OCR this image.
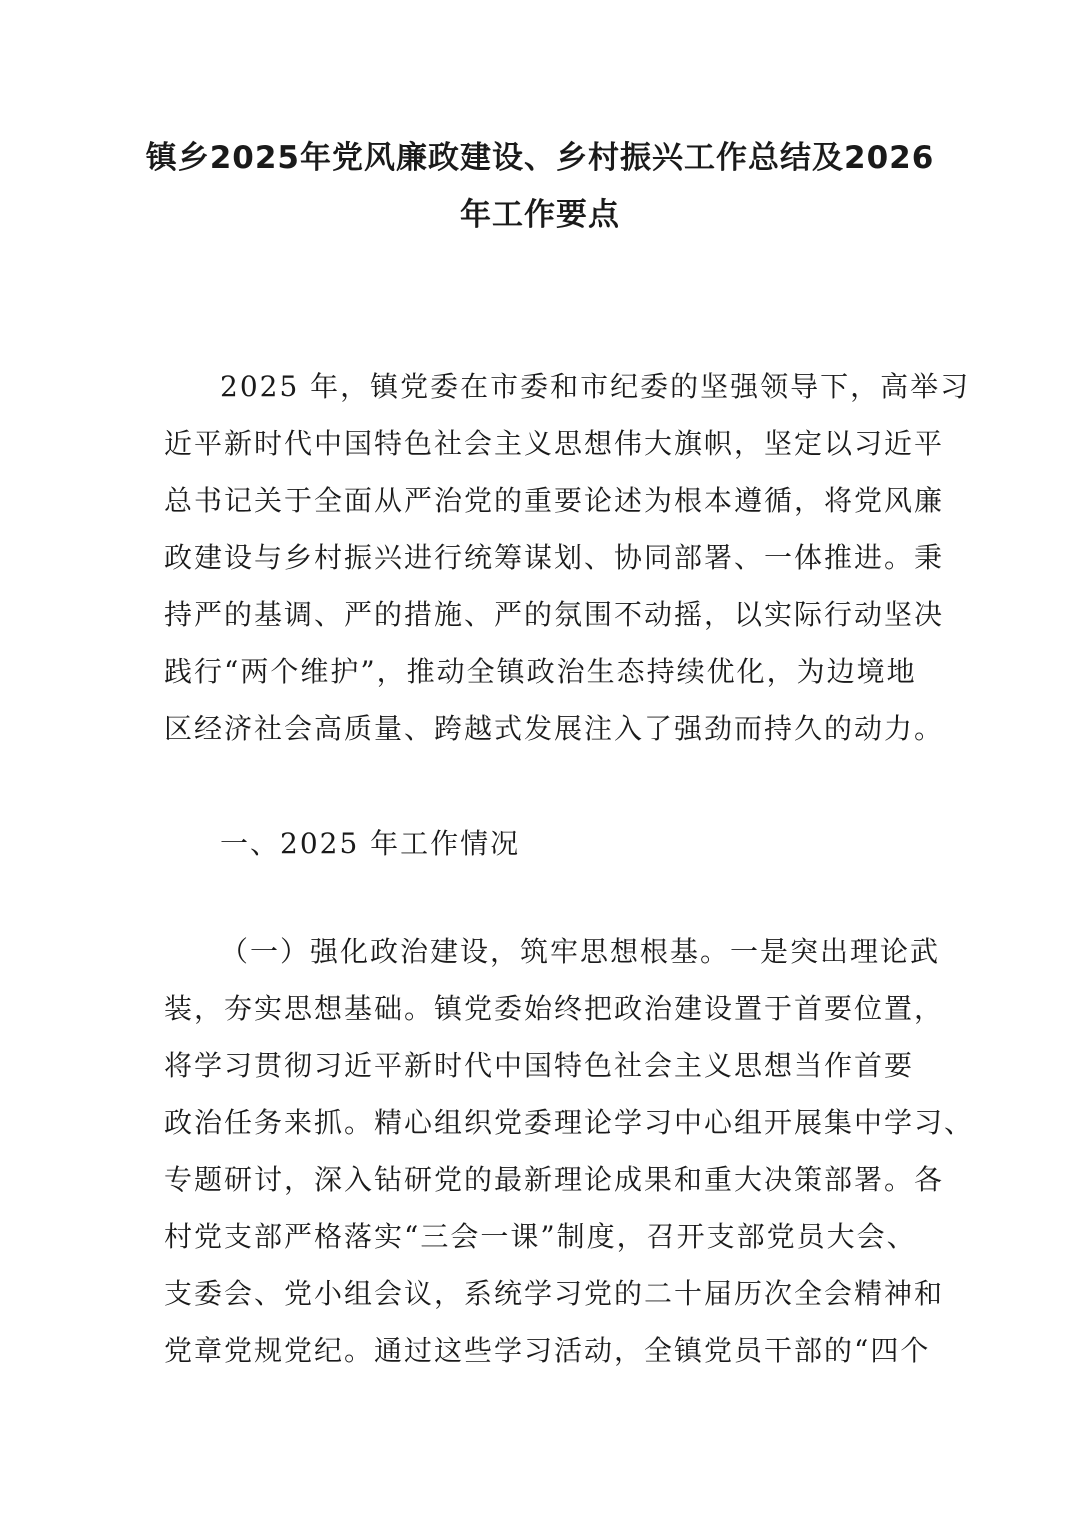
镇乡2025年党风廉政建设、乡村振兴工作总结及2026
年工作要点
2025 年，镇党委在市委和市纪委的坚强领导下，高举习
近平新时代中国特色社会主义思想伟大旗帜，坚定以习近平
总书记关于全面从严治党的重要论述为根本遵循，将党风廉
政建设与乡村振兴进行统筹谋划、协同部署、一体推进。秉
持严的基调、严的措施、严的氛围不动摇，以实际行动坚决
践行“两个维护”，推动全镇政治生态持续优化，为边境地
区经济社会高质量、跨越式发展注入了强劲而持久的动力。
一、2025 年工作情况
（一）强化政治建设，筑牢思想根基。一是突出理论武
装，夯实思想基础。镇党委始终把政治建设置于首要位置，
将学习贯彻习近平新时代中国特色社会主义思想当作首要
政治任务来抓。精心组织党委理论学习中心组开展集中学习、
专题研讨，深入钻研党的最新理论成果和重大决策部署。各
村党支部严格落实“三会一课”制度，召开支部党员大会、
支委会、党小组会议，系统学习党的二十届历次全会精神和
党章党规党纪。通过这些学习活动，全镇党员干部的“四个
